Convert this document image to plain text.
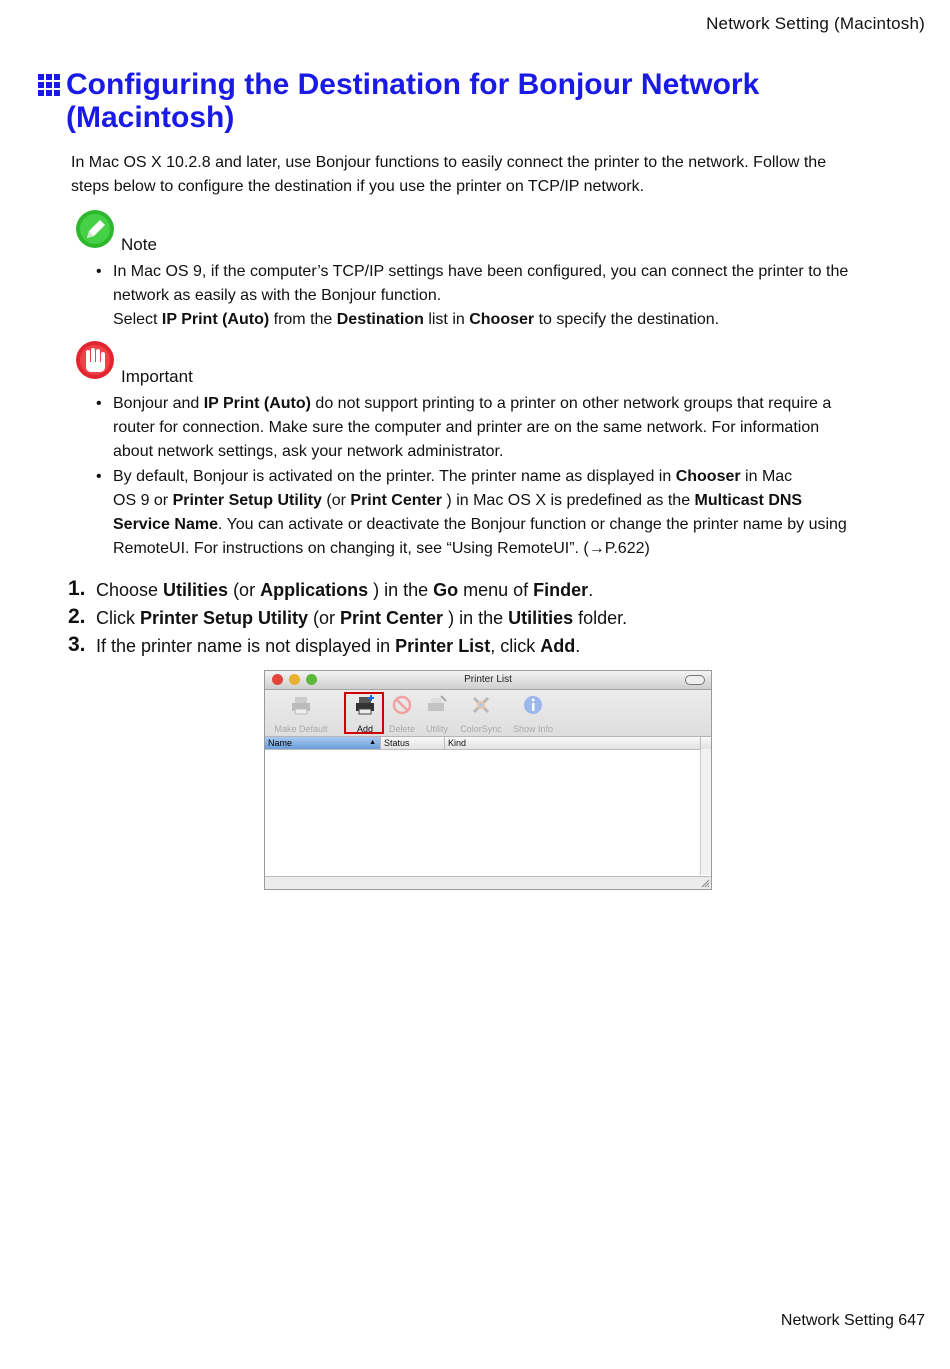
Network Setting (Macintosh)
Configuring the Destination for Bonjour Network
(Macintosh)
In Mac OS X 10.2.8 and later, use Bonjour functions to easily connect the printer to the network. Follow the
steps below to configure the destination if you use the printer on TCP/IP network.
Note
• In Mac OS 9, if the computer’s TCP/IP settings have been configured, you can connect the printer to the
network as easily as with the Bonjour function.
Select IP Print (Auto) from the Destination list in Chooser to specify the destination.
Important
• Bonjour and IP Print (Auto) do not support printing to a printer on other network groups that require a
router for connection. Make sure the computer and printer are on the same network. For information
about network settings, ask your network administrator.
• By default, Bonjour is activated on the printer. The printer name as displayed in Chooser in Mac
OS 9 or Printer Setup Utility (or Print Center ) in Mac OS X is predefined as the Multicast DNS
Service Name. You can activate or deactivate the Bonjour function or change the printer name by using
RemoteUI. For instructions on changing it, see “Using RemoteUI”. (→P.622)
1. Choose Utilities (or Applications ) in the Go menu of Finder.
2. Click Printer Setup Utility (or Print Center ) in the Utilities folder.
3. If the printer name is not displayed in Printer List, click Add.
Printer List
Make Default	Add	Delete	Utility	ColorSync	Show Info
Name	▲ Status	Kind
Network Setting 647
